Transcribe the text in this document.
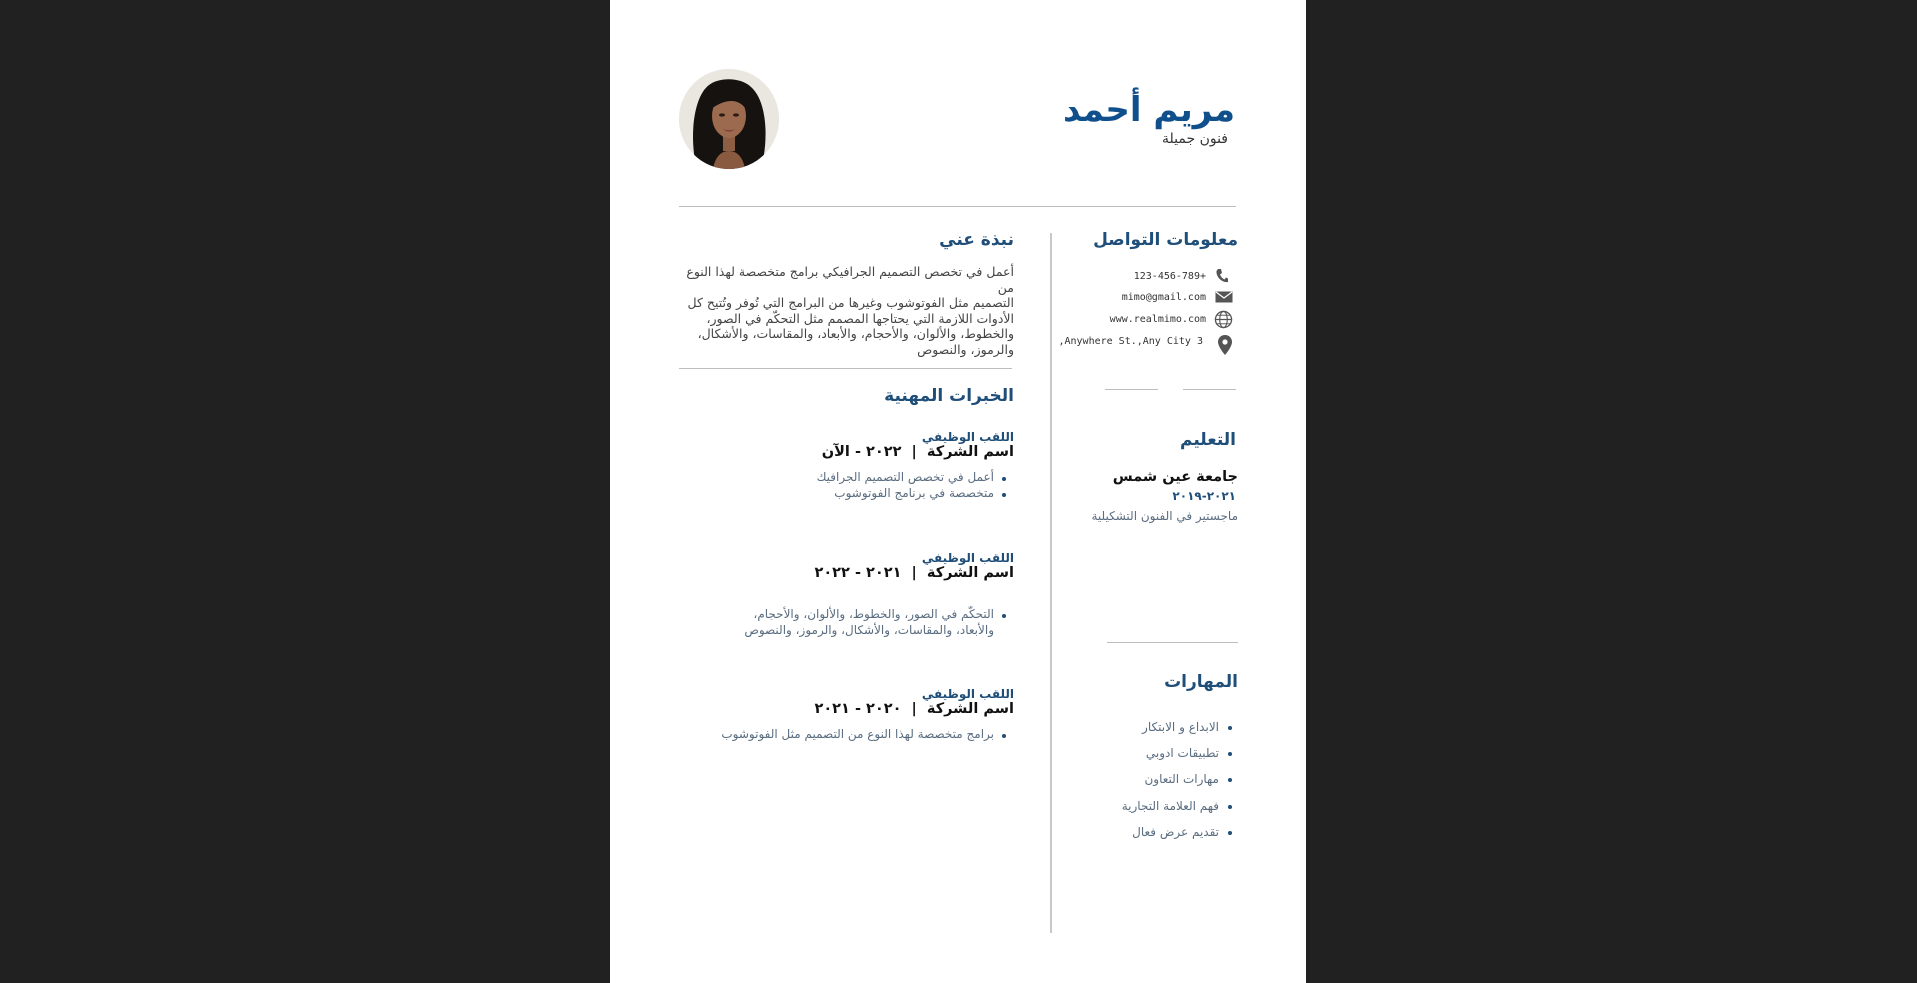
مريم أحمد
فنون جميلة
معلومات التواصل
+123-456-789
mimo@gmail.com
www.realmimo.com
3 Anywhere St.,Any City,
التعليم
جامعة عين شمس
٢٠٢١-٢٠١٩
ماجستير في الفنون التشكيلية
المهارات
الابداع و الابتكار
تطبيقات ادوبي
مهارات التعاون
فهم العلامة التجارية
تقديم عرض فعال
نبذة عني
أعمل في تخصص التصميم الجرافيكي برامج متخصصة لهذا النوع من
التصميم مثل الفوتوشوب وغيرها من البرامج التي تُوفر وتُتيح كل
الأدوات اللازمة التي يحتاجها المصمم مثل التحكّم في الصور،
والخطوط، والألوان، والأحجام، والأبعاد، والمقاسات، والأشكال،
والرموز، والنصوص
الخبرات المهنية
اللقب الوظيفي
اسم الشركة  |  ٢٠٢٢ - الآن
أعمل في تخصص التصميم الجرافيك
متخصصة في برنامج الفوتوشوب
اللقب الوظيفي
اسم الشركة  |  ٢٠٢١ - ٢٠٢٢
التحكّم في الصور، والخطوط، والألوان، والأحجام،
والأبعاد، والمقاسات، والأشكال، والرموز، والنصوص
اللقب الوظيفي
اسم الشركة  |  ٢٠٢٠ - ٢٠٢١
برامج متخصصة لهذا النوع من التصميم مثل الفوتوشوب
